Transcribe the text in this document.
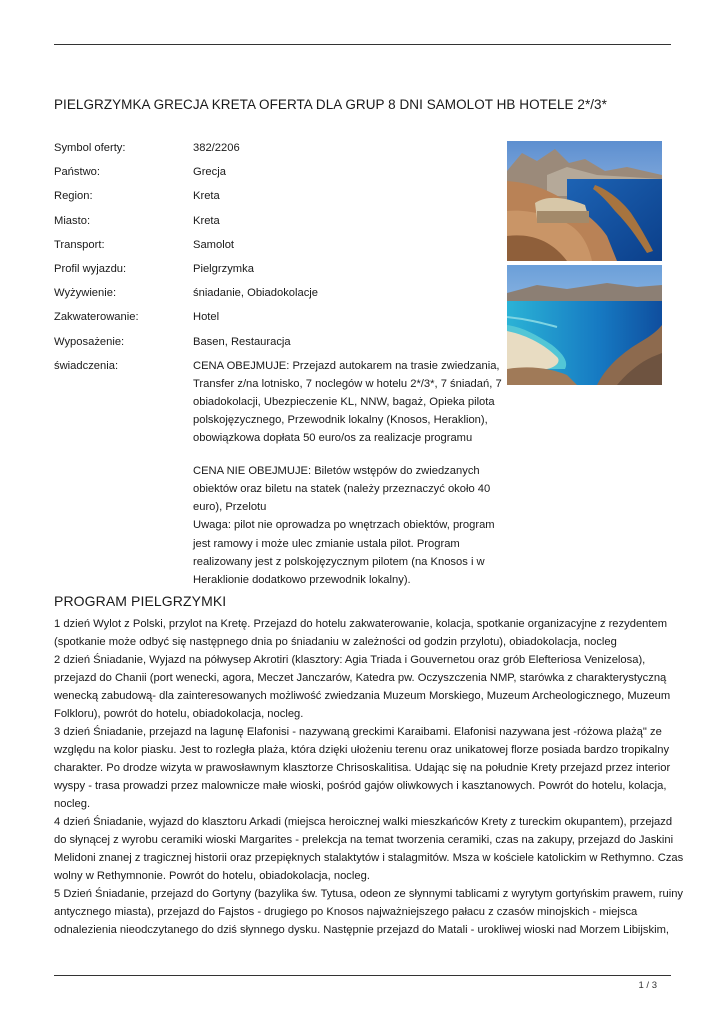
PIELGRZYMKA GRECJA KRETA OFERTA DLA GRUP 8 DNI SAMOLOT HB HOTELE 2*/3*
Symbol oferty:	382/2206
Państwo:	Grecja
Region:	Kreta
Miasto:	Kreta
Transport:	Samolot
Profil wyjazdu:	Pielgrzymka
Wyżywienie:	śniadanie, Obiadokolacje
Zakwaterowanie:	Hotel
Wyposażenie:	Basen, Restauracja
świadczenia:	CENA OBEJMUJE: Przejazd autokarem na trasie zwiedzania, Transfer z/na lotnisko, 7 noclegów w hotelu 2*/3*, 7 śniadań, 7 obiadokolacji, Ubezpieczenie KL, NNW, bagaż, Opieka pilota polskojęzycznego, Przewodnik lokalny (Knosos, Heraklion), obowiązkowa dopłata 50 euro/os za realizacje programu

CENA NIE OBEJMUJE: Biletów wstępów do zwiedzanych obiektów oraz biletu na statek (należy przeznaczyć około 40 euro), Przelotu

Uwaga: pilot nie oprowadza po wnętrzach obiektów, program jest ramowy i może ulec zmianie ustala pilot. Program realizowany jest z polskojęzycznym pilotem (na Knosos i w Heraklionie dodatkowo przewodnik lokalny).

PROGRAM PIELGRZYMKI

1 dzień Wylot z Polski, przylot na Kretę. Przejazd do hotelu zakwaterowanie, kolacja, spotkanie organizacyjne z rezydentem (spotkanie może odbyć się następnego dnia po śniadaniu w zależności od godzin przylotu), obiadokolacja, nocleg

2 dzień Śniadanie, Wyjazd na półwysep Akrotiri (klasztory: Agia Triada i Gouvernetou oraz grób Elefteriosa Venizelosa), przejazd do Chanii (port wenecki, agora, Meczet Janczarów, Katedra pw. Oczyszczenia NMP, starówka z charakterystyczną wenecką zabudową- dla zainteresowanych możliwość zwiedzania Muzeum Morskiego, Muzeum Archeologicznego, Muzeum Folkloru), powrót do hotelu, obiadokolacja, nocleg.

3 dzień Śniadanie, przejazd na lagunę Elafonisi - nazywaną greckimi Karaibami. Elafonisi nazywana jest -różowa plażą" ze względu na kolor piasku. Jest to rozległa plaża, która dzięki ułożeniu terenu oraz unikatowej florze posiada bardzo tropikalny charakter. Po drodze wizyta w prawosławnym klasztorze Chrisoskalitisa. Udając się na południe Krety przejazd przez interior wyspy - trasa prowadzi przez malownicze małe wioski, pośród gajów oliwkowych i kasztanowych. Powrót do hotelu, kolacja, nocleg.

4 dzień Śniadanie, wyjazd do klasztoru Arkadi (miejsca heroicznej walki mieszkańców Krety z tureckim okupantem), przejazd do słynącej z wyrobu ceramiki wioski Margarites - prelekcja na temat tworzenia ceramiki, czas na zakupy, przejazd do Jaskini Melidoni znanej z tragicznej historii oraz przepięknych stalaktytów i stalagmitów. Msza w kościele katolickim w Rethymno. Czas wolny w Rethymnonie. Powrót do hotelu, obiadokolacja, nocleg.

5 Dzień Śniadanie, przejazd do Gortyny (bazylika św. Tytusa, odeon ze słynnymi tablicami z wyrytym gortyńskim prawem, ruiny antycznego miasta), przejazd do Fajstos - drugiego po Knosos najważniejszego pałacu z czasów minojskich - miejsca odnalezienia nieodczytanego do dziś słynnego dysku. Następnie przejazd do Matali - urokliwej wioski nad Morzem Libijskim,

1 / 3
